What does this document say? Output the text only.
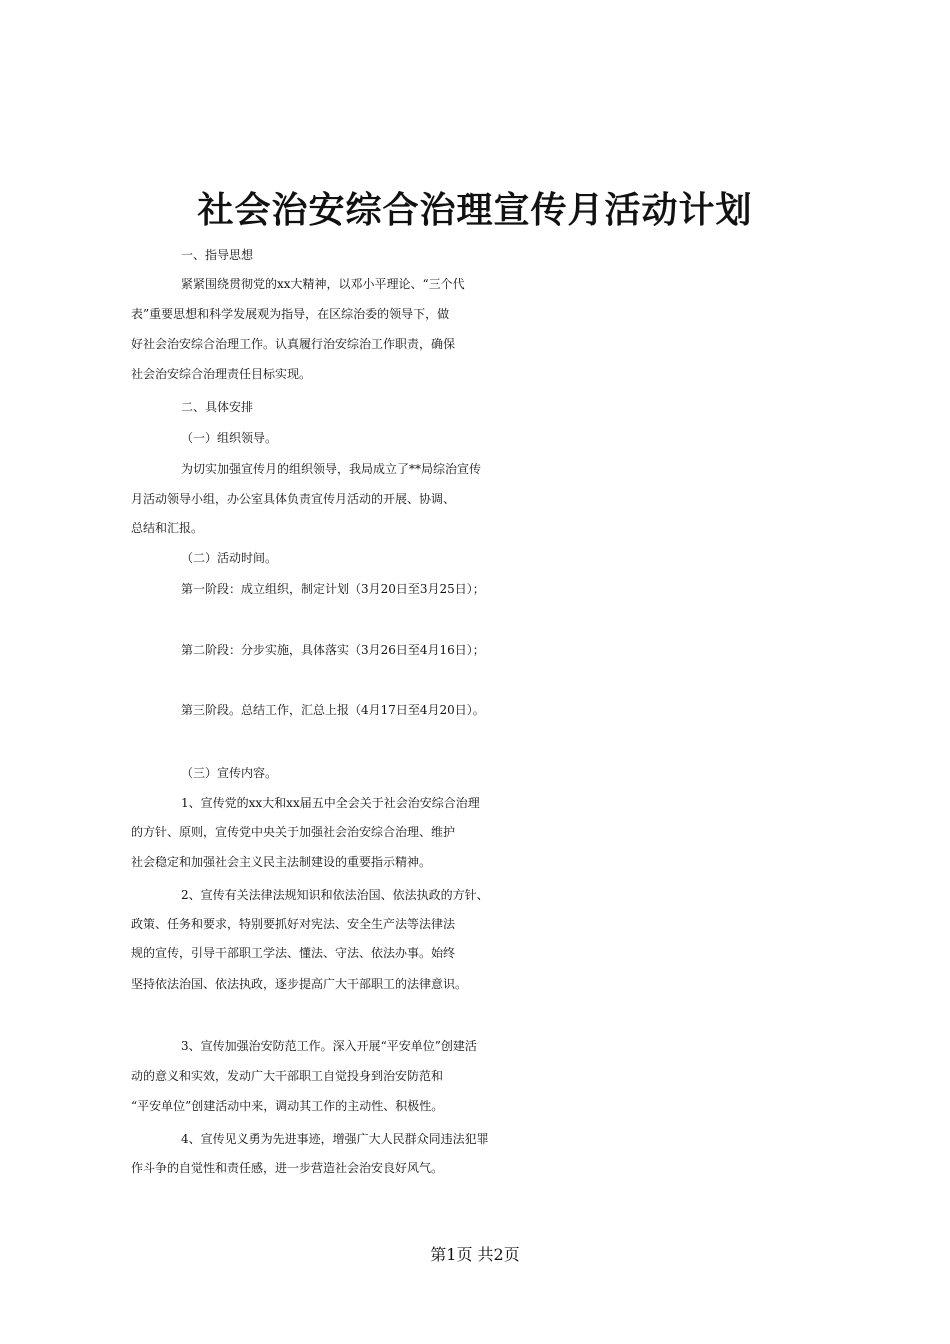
社会治安综合治理宣传月活动计划
一、指导思想
紧紧围绕贯彻党的xx大精神，以邓小平理论、“三个代
表”重要思想和科学发展观为指导，在区综治委的领导下，做
好社会治安综合治理工作。认真履行治安综治工作职责，确保
社会治安综合治理责任目标实现。
二、具体安排
（一）组织领导。
为切实加强宣传月的组织领导，我局成立了**局综治宣传
月活动领导小组，办公室具体负责宣传月活动的开展、协调、
总结和汇报。
（二）活动时间。
第一阶段：成立组织，制定计划（3月20日至3月25日）；
第二阶段：分步实施，具体落实（3月26日至4月16日）；
第三阶段。总结工作，汇总上报（4月17日至4月20日）。
（三）宣传内容。
1、宣传党的xx大和xx届五中全会关于社会治安综合治理
的方针、原则，宣传党中央关于加强社会治安综合治理、维护
社会稳定和加强社会主义民主法制建设的重要指示精神。
2、宣传有关法律法规知识和依法治国、依法执政的方针、
政策、任务和要求，特别要抓好对宪法、安全生产法等法律法
规的宣传，引导干部职工学法、懂法、守法、依法办事。始终
坚持依法治国、依法执政，逐步提高广大干部职工的法律意识。
3、宣传加强治安防范工作。深入开展“平安单位”创建活
动的意义和实效，发动广大干部职工自觉投身到治安防范和
“平安单位”创建活动中来，调动其工作的主动性、积极性。
4、宣传见义勇为先进事迹，增强广大人民群众同违法犯罪
作斗争的自觉性和责任感，进一步营造社会治安良好风气。
第1页 共2页
